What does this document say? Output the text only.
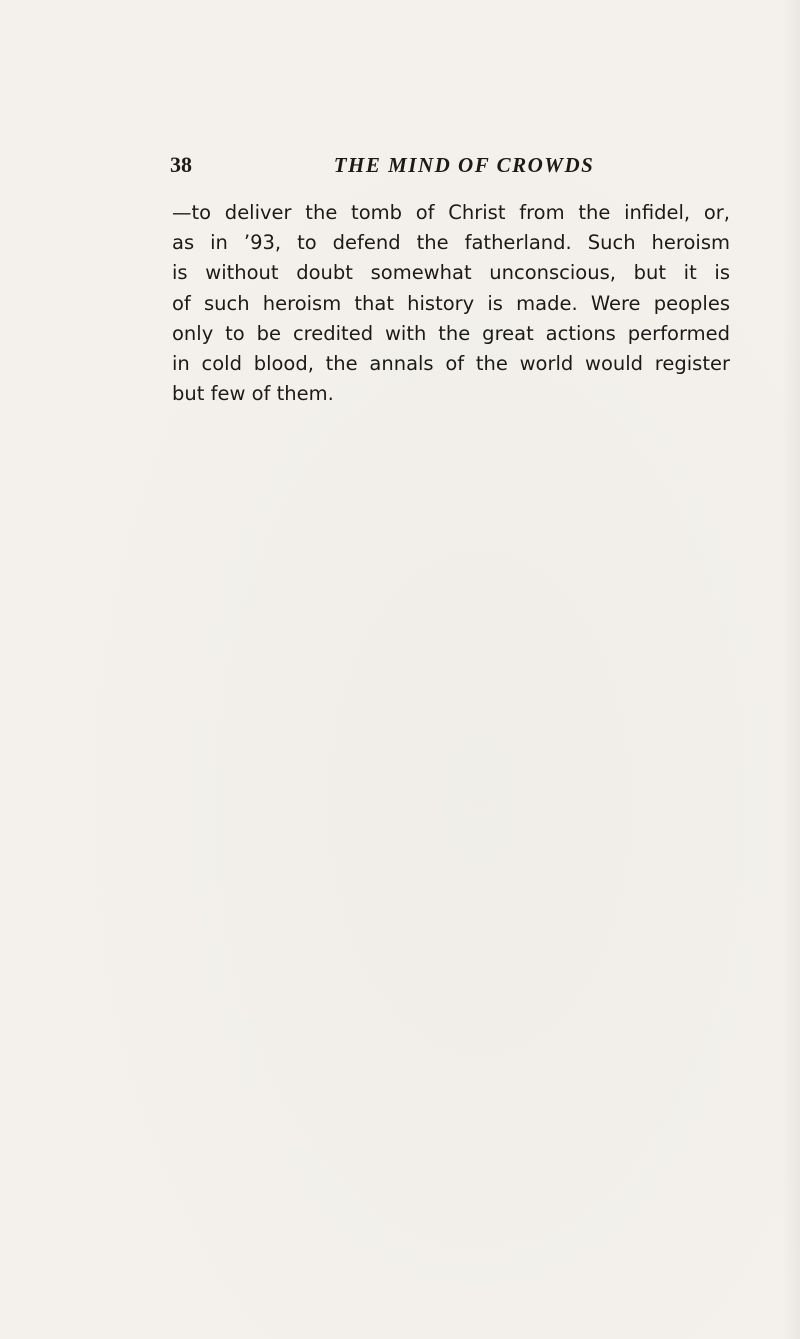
38	THE MIND OF CROWDS
—to deliver the tomb of Christ from the infidel, or,
as in ’93, to defend the fatherland. Such heroism
is without doubt somewhat unconscious, but it is
of such heroism that history is made. Were peoples
only to be credited with the great actions performed
in cold blood, the annals of the world would register
but few of them.
